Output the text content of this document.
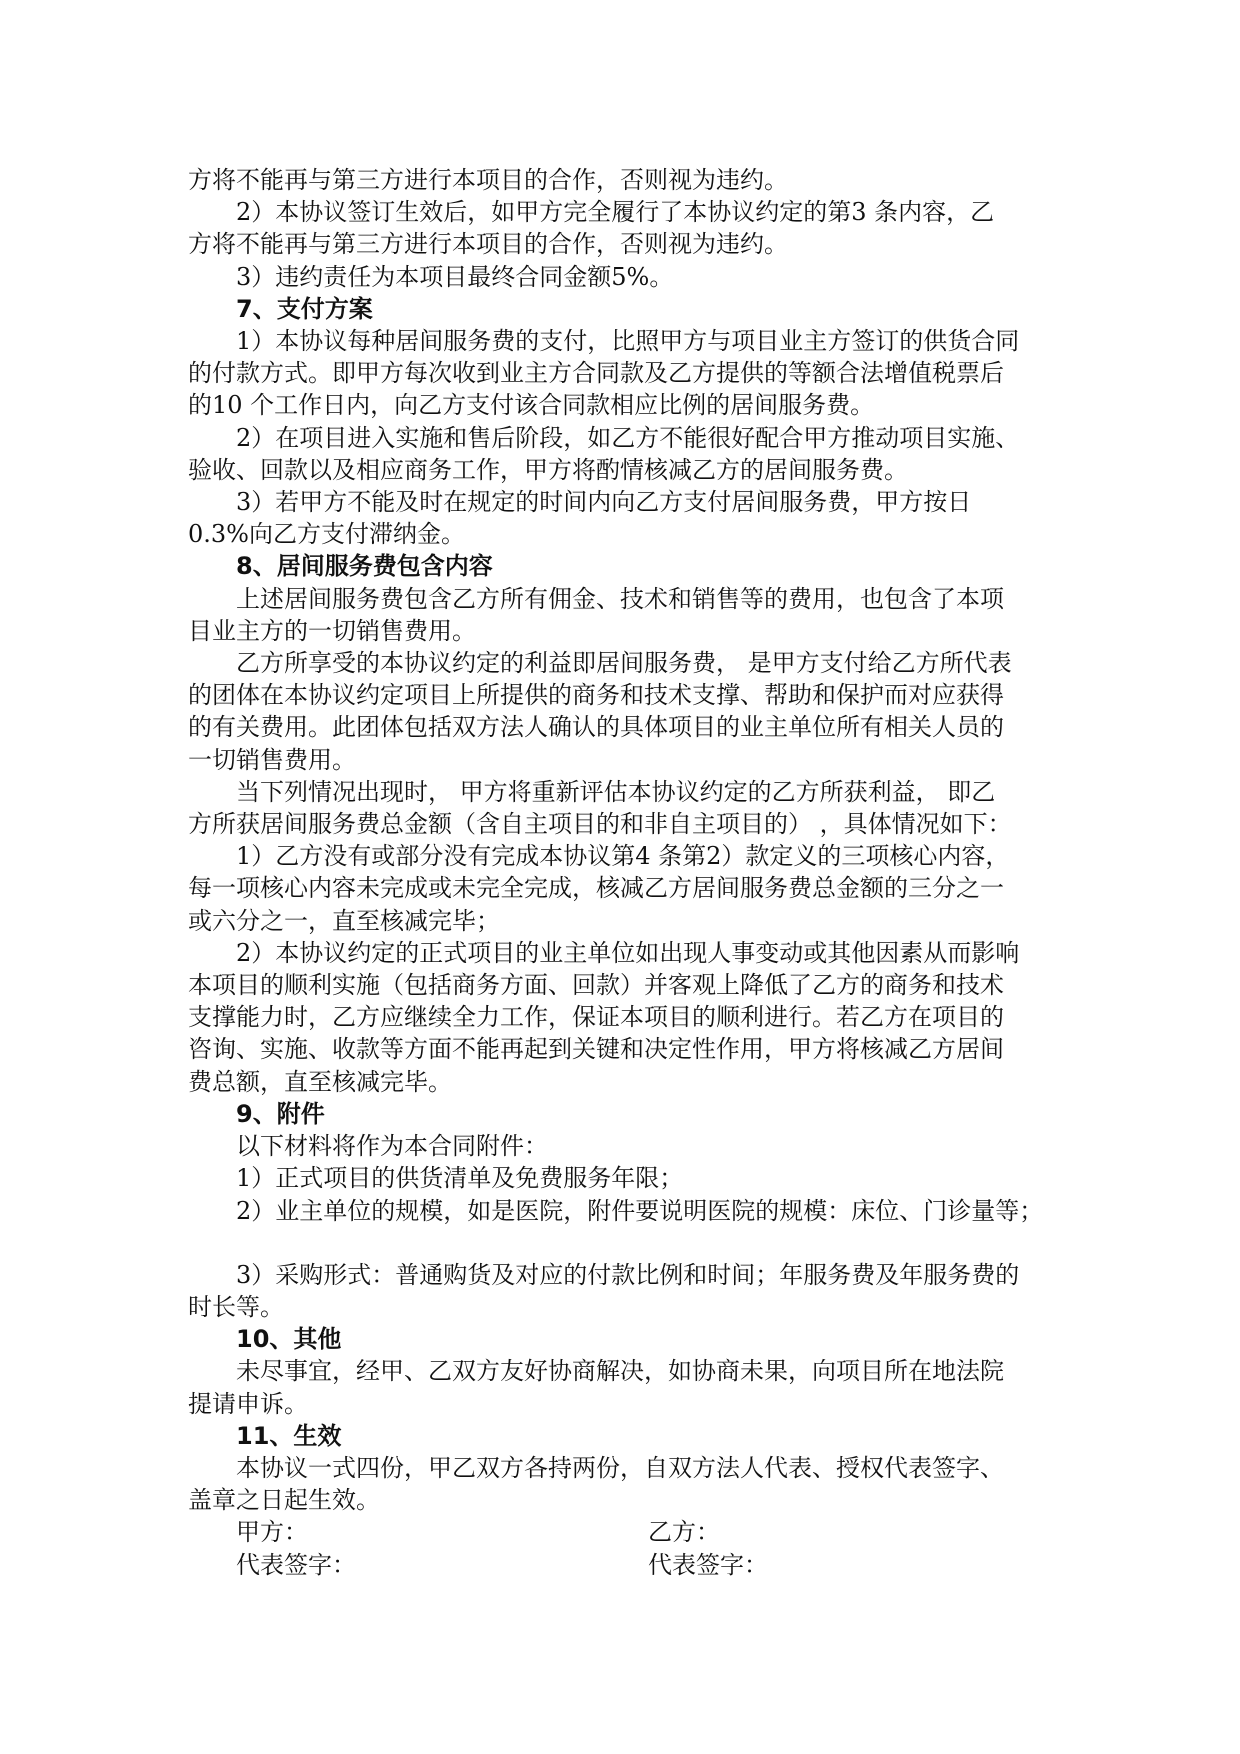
方将不能再与第三方进行本项目的合作，否则视为违约。

2）本协议签订生效后，如甲方完全履行了本协议约定的第3 条内容，乙

方将不能再与第三方进行本项目的合作，否则视为违约。

3）违约责任为本项目最终合同金额5%。

7、支付方案

1）本协议每种居间服务费的支付，比照甲方与项目业主方签订的供货合同

的付款方式。即甲方每次收到业主方合同款及乙方提供的等额合法增值税票后

的10 个工作日内，向乙方支付该合同款相应比例的居间服务费。

2）在项目进入实施和售后阶段，如乙方不能很好配合甲方推动项目实施、

验收、回款以及相应商务工作，甲方将酌情核减乙方的居间服务费。

3）若甲方不能及时在规定的时间内向乙方支付居间服务费，甲方按日

0.3%向乙方支付滞纳金。

8、居间服务费包含内容

上述居间服务费包含乙方所有佣金、技术和销售等的费用，也包含了本项

目业主方的一切销售费用。

乙方所享受的本协议约定的利益即居间服务费， 是甲方支付给乙方所代表

的团体在本协议约定项目上所提供的商务和技术支撑、帮助和保护而对应获得

的有关费用。此团体包括双方法人确认的具体项目的业主单位所有相关人员的

一切销售费用。

当下列情况出现时， 甲方将重新评估本协议约定的乙方所获利益， 即乙

方所获居间服务费总金额（含自主项目的和非自主项目的） ，具体情况如下：

1）乙方没有或部分没有完成本协议第4 条第2）款定义的三项核心内容，

每一项核心内容未完成或未完全完成，核减乙方居间服务费总金额的三分之一

或六分之一，直至核减完毕；

2）本协议约定的正式项目的业主单位如出现人事变动或其他因素从而影响

本项目的顺利实施（包括商务方面、回款）并客观上降低了乙方的商务和技术

支撑能力时，乙方应继续全力工作，保证本项目的顺利进行。若乙方在项目的

咨询、实施、收款等方面不能再起到关键和决定性作用，甲方将核减乙方居间

费总额，直至核减完毕。

9、附件

以下材料将作为本合同附件：

1）正式项目的供货清单及免费服务年限；

2）业主单位的规模，如是医院，附件要说明医院的规模：床位、门诊量等；

3）采购形式：普通购货及对应的付款比例和时间；年服务费及年服务费的

时长等。

10、其他

未尽事宜，经甲、乙双方友好协商解决，如协商未果，向项目所在地法院

提请申诉。

11、生效

本协议一式四份，甲乙双方各持两份，自双方法人代表、授权代表签字、

盖章之日起生效。

甲方：	乙方：
代表签字：	代表签字：
